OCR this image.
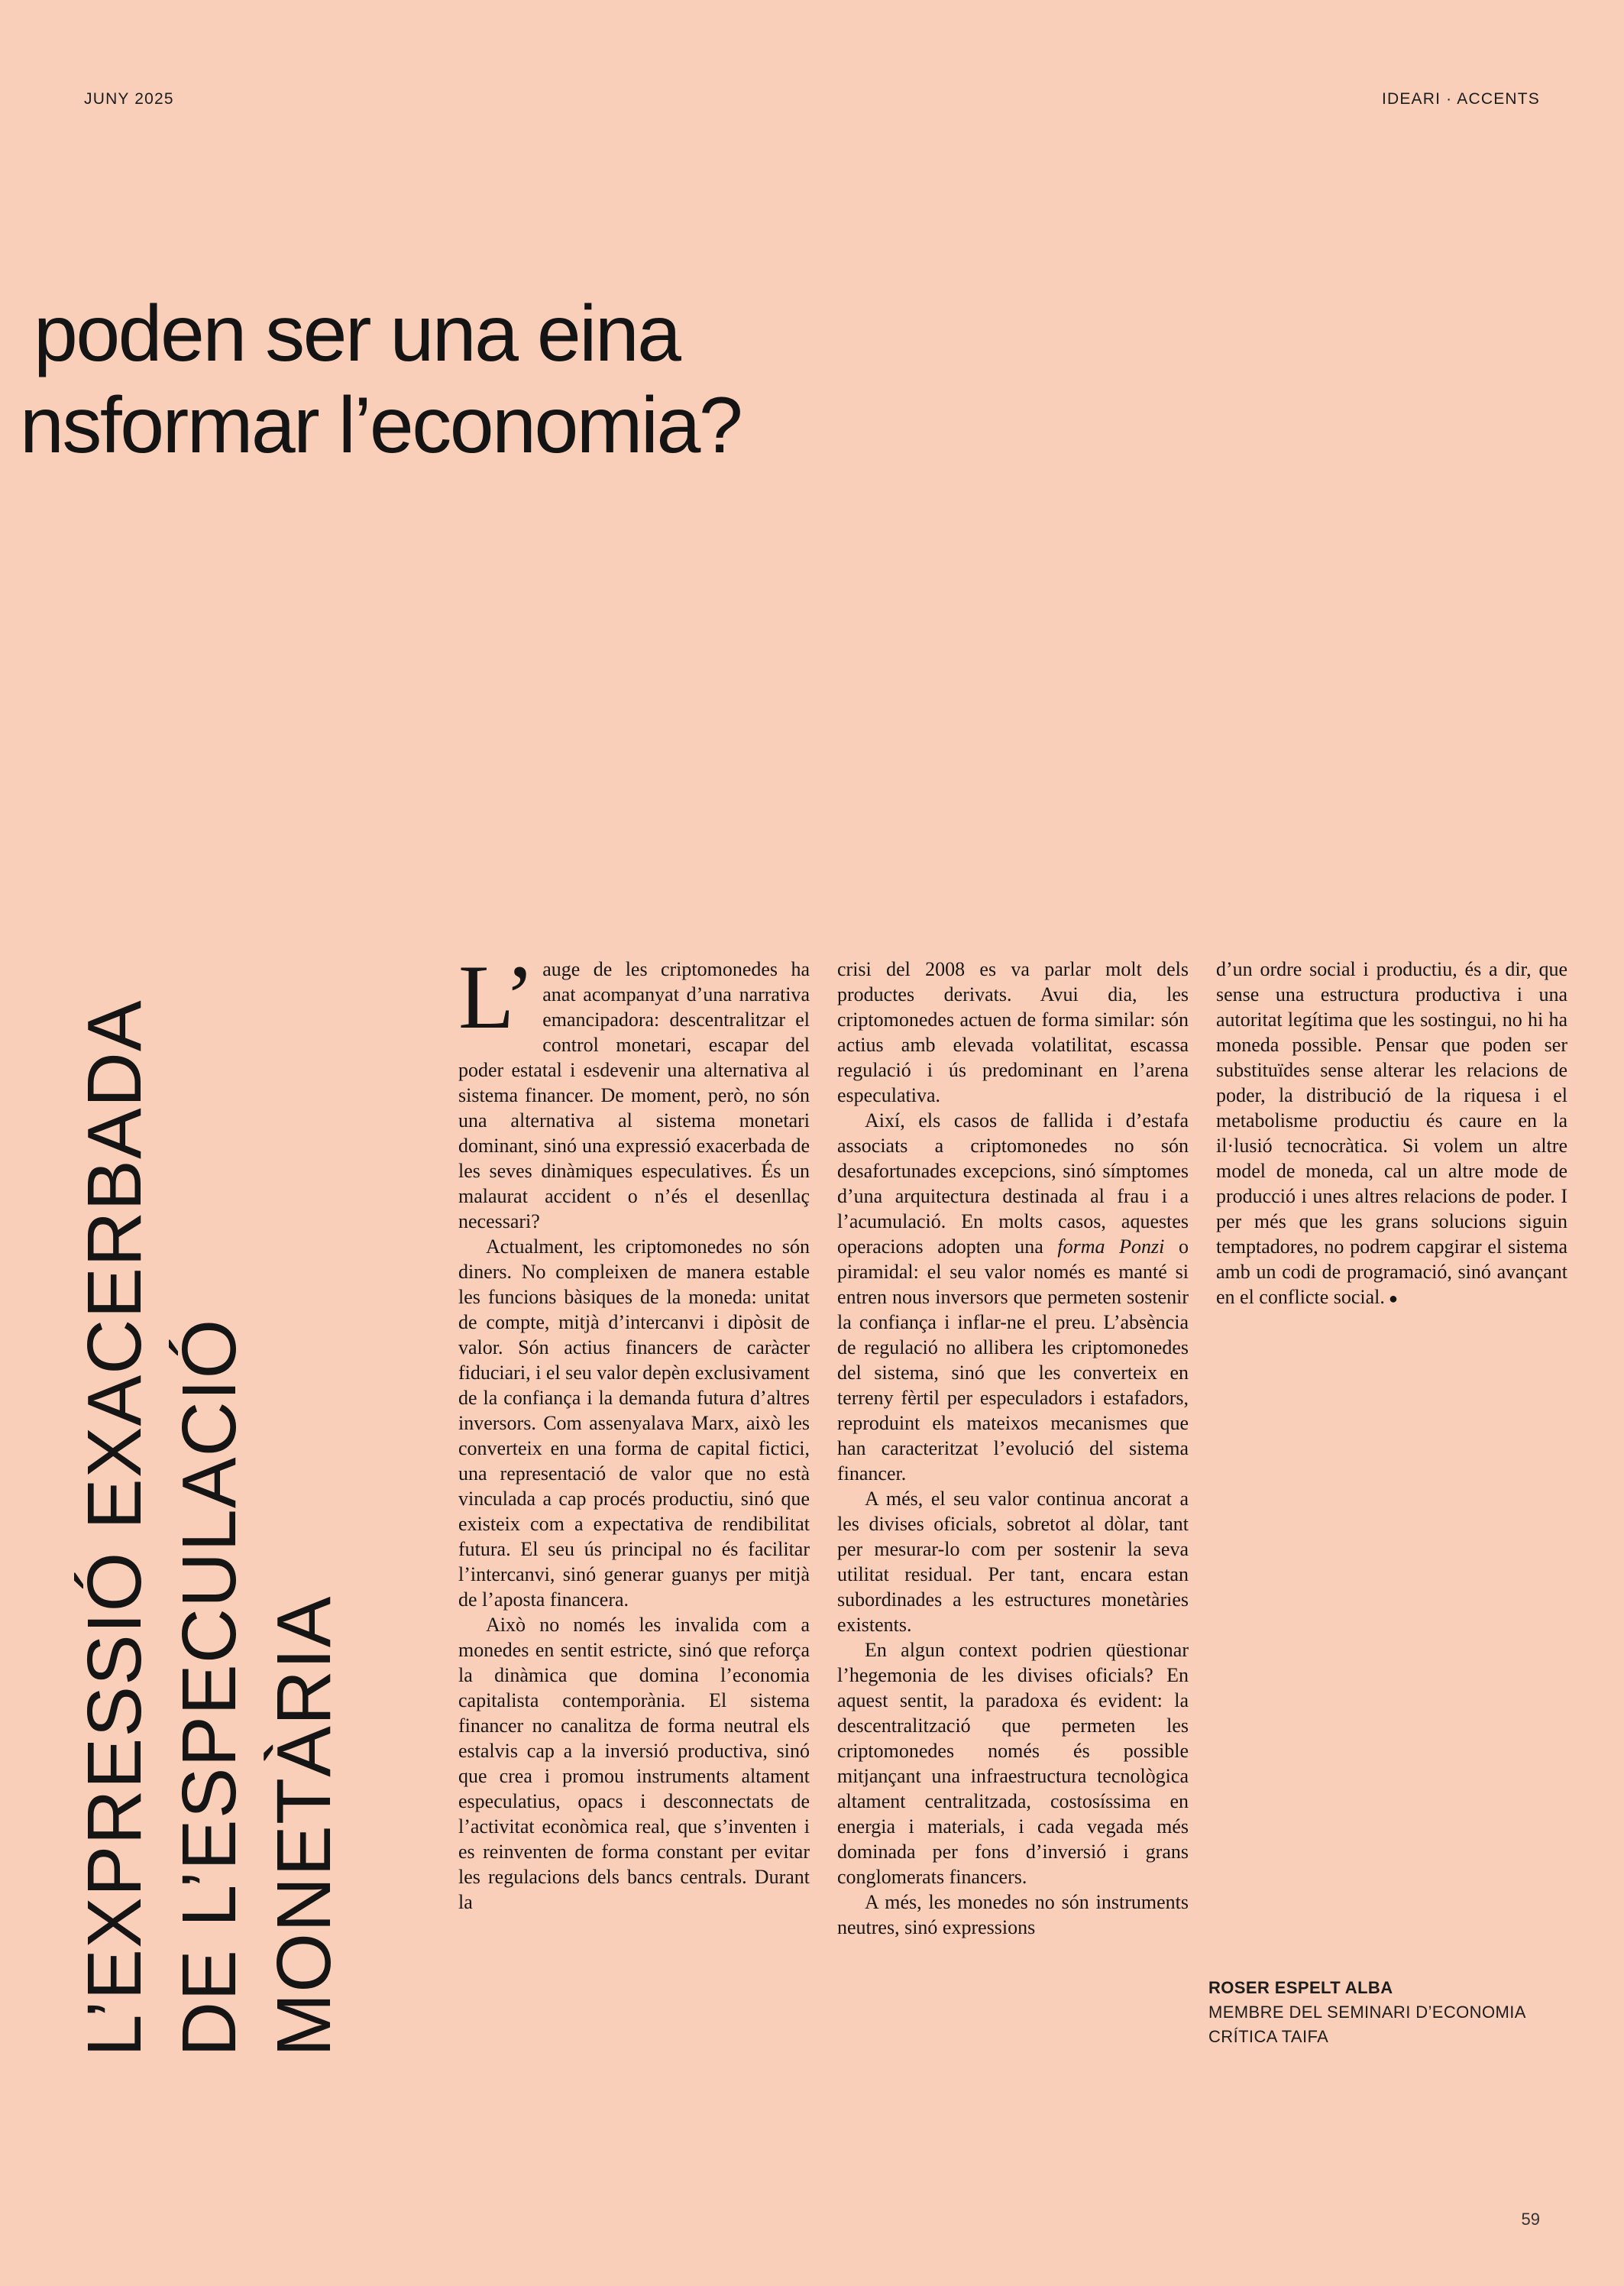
JUNY 2025	IDEARI · ACCENTS
poden ser una eina
nsformar l’economia?
L’EXPRESSIÓ EXACERBADA DE L’ESPECULACIÓ MONETÀRIA

L’ auge de les criptomonedes ha anat acompanyat d’una narrativa emancipadora: descentralitzar el control monetari, escapar del poder estatal i esdevenir una alternativa al sistema financer. De moment, però, no són una alternativa al sistema monetari dominant, sinó una expressió exacerbada de les seves dinàmiques especulatives. És un malaurat accident o n’és el desenllaç necessari?

Actualment, les criptomonedes no són diners. No compleixen de manera estable les funcions bàsiques de la moneda: unitat de compte, mitjà d’intercanvi i dipòsit de valor. Són actius financers de caràcter fiduciari, i el seu valor depèn exclusivament de la confiança i la demanda futura d’altres inversors. Com assenyalava Marx, això les converteix en una forma de capital fictici, una representació de valor que no està vinculada a cap procés productiu, sinó que existeix com a expectativa de rendibilitat futura. El seu ús principal no és facilitar l’intercanvi, sinó generar guanys per mitjà de l’aposta financera.

Això no només les invalida com a monedes en sentit estricte, sinó que reforça la dinàmica que domina l’economia capitalista contemporània. El sistema financer no canalitza de forma neutral els estalvis cap a la inversió productiva, sinó que crea i promou instruments altament especulatius, opacs i desconnectats de l’activitat econòmica real, que s’inventen i es reinventen de forma constant per evitar les regulacions dels bancs centrals. Durant la

crisi del 2008 es va parlar molt dels productes derivats. Avui dia, les criptomonedes actuen de forma similar: són actius amb elevada volatilitat, escassa regulació i ús predominant en l’arena especulativa.

Així, els casos de fallida i d’estafa associats a criptomonedes no són desafortunades excepcions, sinó símptomes d’una arquitectura destinada al frau i a l’acumulació. En molts casos, aquestes operacions adopten una forma Ponzi o piramidal: el seu valor només es manté si entren nous inversors que permeten sostenir la confiança i inflar-ne el preu. L’absència de regulació no allibera les criptomonedes del sistema, sinó que les converteix en terreny fèrtil per especuladors i estafadors, reproduint els mateixos mecanismes que han caracteritzat l’evolució del sistema financer.

A més, el seu valor continua ancorat a les divises oficials, sobretot al dòlar, tant per mesurar-lo com per sostenir la seva utilitat residual. Per tant, encara estan subordinades a les estructures monetàries existents.

En algun context podrien qüestionar l’hegemonia de les divises oficials? En aquest sentit, la paradoxa és evident: la descentralització que permeten les criptomonedes només és possible mitjançant una infraestructura tecnològica altament centralitzada, costosíssima en energia i materials, i cada vegada més dominada per fons d’inversió i grans conglomerats financers.

A més, les monedes no són instruments neutres, sinó expressions

d’un ordre social i productiu, és a dir, que sense una estructura productiva i una autoritat legítima que les sostingui, no hi ha moneda possible. Pensar que poden ser substituïdes sense alterar les relacions de poder, la distribució de la riquesa i el metabolisme productiu és caure en la il·lusió tecnocràtica. Si volem un altre model de moneda, cal un altre mode de producció i unes altres relacions de poder. I per més que les grans solucions siguin temptadores, no podrem capgirar el sistema amb un codi de programació, sinó avançant en el conflicte social. ●

ROSER ESPELT ALBA
MEMBRE DEL SEMINARI D’ECONOMIA CRÍTICA TAIFA
59
